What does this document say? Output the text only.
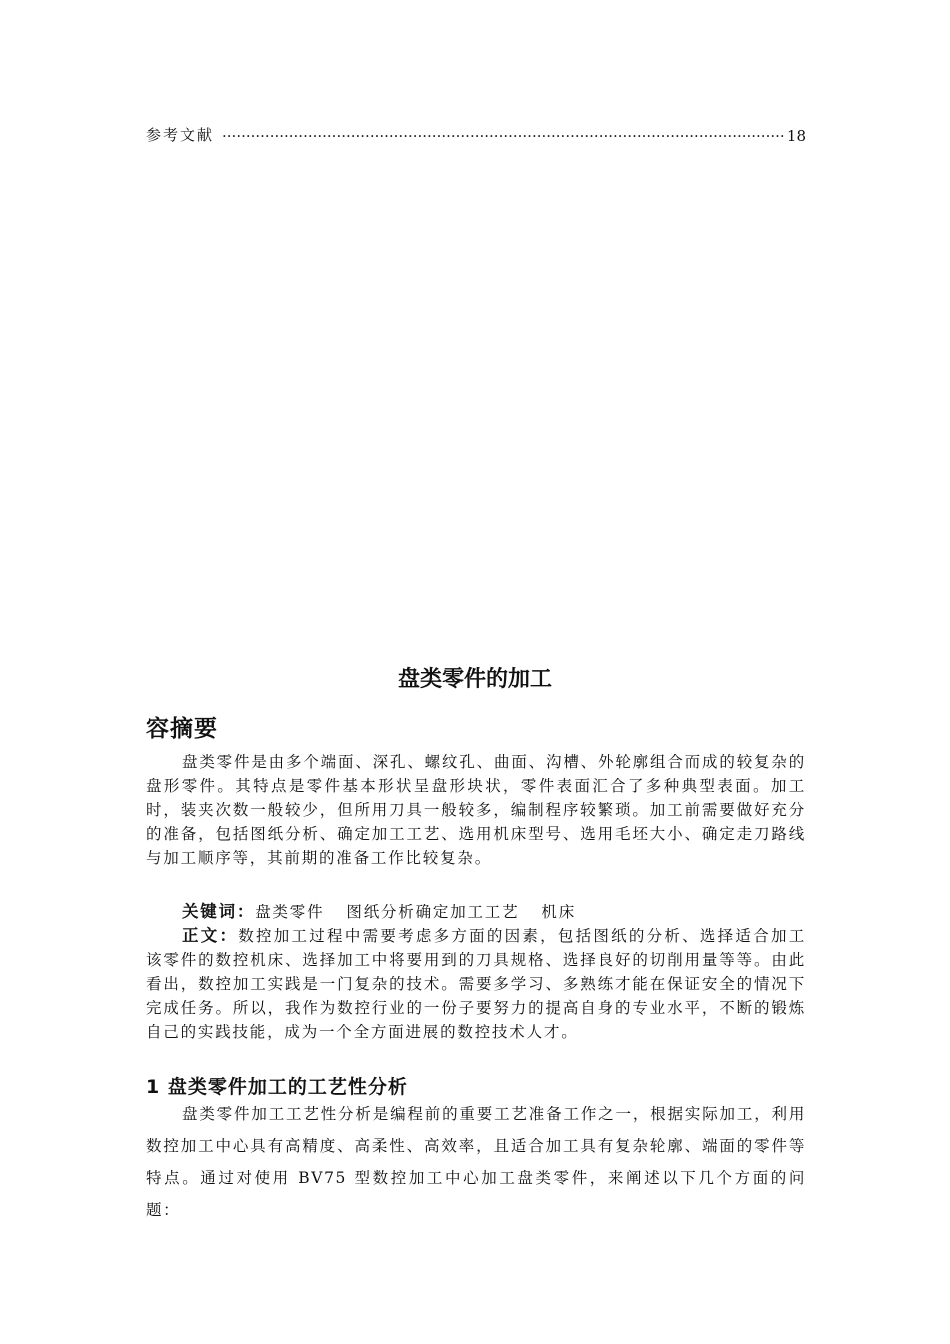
参考文献
·····	18
盘类零件的加工
容摘要
盘类零件是由多个端面、深孔、螺纹孔、曲面、沟槽、外轮廓组合而成的较复杂的盘形零件。其特点是零件基本形状呈盘形块状，零件表面汇合了多种典型表面。加工时，装夹次数一般较少，但所用刀具一般较多，编制程序较繁琐。加工前需要做好充分的准备，包括图纸分析、确定加工工艺、选用机床型号、选用毛坯大小、确定走刀路线与加工顺序等，其前期的准备工作比较复杂。
关键词：盘类零件 图纸分析确定加工工艺 机床
正文：数控加工过程中需要考虑多方面的因素，包括图纸的分析、选择适合加工该零件的数控机床、选择加工中将要用到的刀具规格、选择良好的切削用量等等。由此看出，数控加工实践是一门复杂的技术。需要多学习、多熟练才能在保证安全的情况下完成任务。所以，我作为数控行业的一份子要努力的提高自身的专业水平，不断的锻炼自己的实践技能，成为一个全方面进展的数控技术人才。
1 盘类零件加工的工艺性分析
盘类零件加工工艺性分析是编程前的重要工艺准备工作之一，根据实际加工，利用数控加工中心具有高精度、高柔性、高效率，且适合加工具有复杂轮廓、端面的零件等特点。通过对使用 BV75 型数控加工中心加工盘类零件，来阐述以下几个方面的问题：
